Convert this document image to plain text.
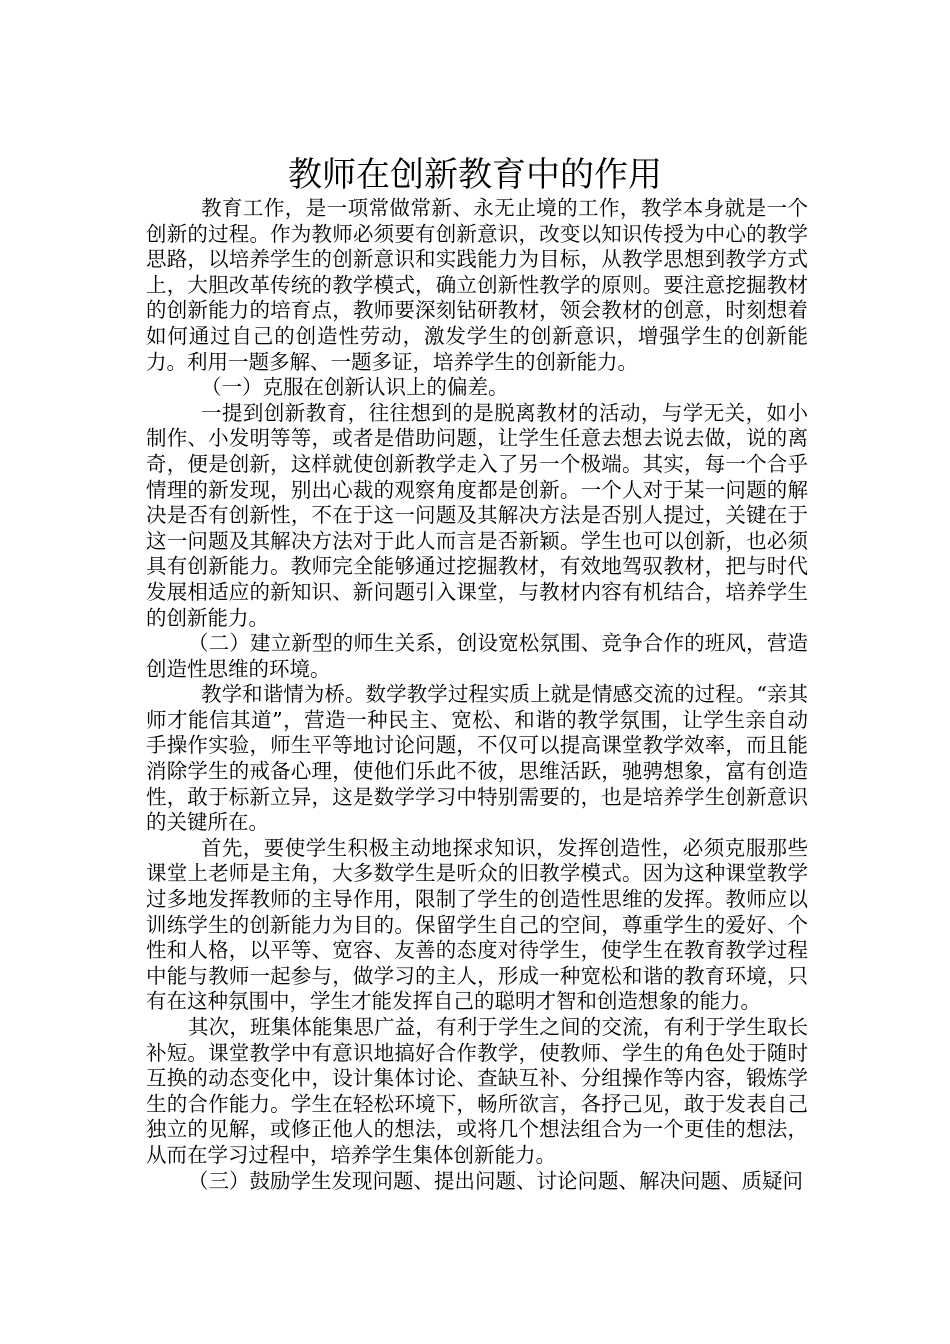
教师在创新教育中的作用

教育工作，是一项常做常新、永无止境的工作，教学本身就是一个创新的过程。作为教师必须要有创新意识，改变以知识传授为中心的教学思路，以培养学生的创新意识和实践能力为目标，从教学思想到教学方式上，大胆改革传统的教学模式，确立创新性教学的原则。要注意挖掘教材的创新能力的培育点，教师要深刻钻研教材，领会教材的创意，时刻想着如何通过自己的创造性劳动，激发学生的创新意识，增强学生的创新能力。利用一题多解、一题多证，培养学生的创新能力。

（一）克服在创新认识上的偏差。

一提到创新教育，往往想到的是脱离教材的活动，与学无关，如小制作、小发明等等，或者是借助问题，让学生任意去想去说去做，说的离奇，便是创新，这样就使创新教学走入了另一个极端。其实，每一个合乎情理的新发现，别出心裁的观察角度都是创新。一个人对于某一问题的解决是否有创新性，不在于这一问题及其解决方法是否别人提过，关键在于这一问题及其解决方法对于此人而言是否新颖。学生也可以创新，也必须具有创新能力。教师完全能够通过挖掘教材，有效地驾驭教材，把与时代发展相适应的新知识、新问题引入课堂，与教材内容有机结合，培养学生的创新能力。

（二）建立新型的师生关系，创设宽松氛围、竞争合作的班风，营造创造性思维的环境。

教学和谐情为桥。数学教学过程实质上就是情感交流的过程。“亲其师才能信其道”，营造一种民主、宽松、和谐的教学氛围，让学生亲自动手操作实验，师生平等地讨论问题，不仅可以提高课堂教学效率，而且能消除学生的戒备心理，使他们乐此不彼，思维活跃，驰骋想象，富有创造性，敢于标新立异，这是数学学习中特别需要的，也是培养学生创新意识的关键所在。

首先，要使学生积极主动地探求知识，发挥创造性，必须克服那些课堂上老师是主角，大多数学生是听众的旧教学模式。因为这种课堂教学过多地发挥教师的主导作用，限制了学生的创造性思维的发挥。教师应以训练学生的创新能力为目的。保留学生自己的空间，尊重学生的爱好、个性和人格，以平等、宽容、友善的态度对待学生，使学生在教育教学过程中能与教师一起参与，做学习的主人，形成一种宽松和谐的教育环境，只有在这种氛围中，学生才能发挥自己的聪明才智和创造想象的能力。

其次，班集体能集思广益，有利于学生之间的交流，有利于学生取长补短。课堂教学中有意识地搞好合作教学，使教师、学生的角色处于随时互换的动态变化中，设计集体讨论、查缺互补、分组操作等内容，锻炼学生的合作能力。学生在轻松环境下，畅所欲言，各抒己见，敢于发表自己独立的见解，或修正他人的想法，或将几个想法组合为一个更佳的想法，从而在学习过程中，培养学生集体创新能力。

（三）鼓励学生发现问题、提出问题、讨论问题、解决问题、质疑问
